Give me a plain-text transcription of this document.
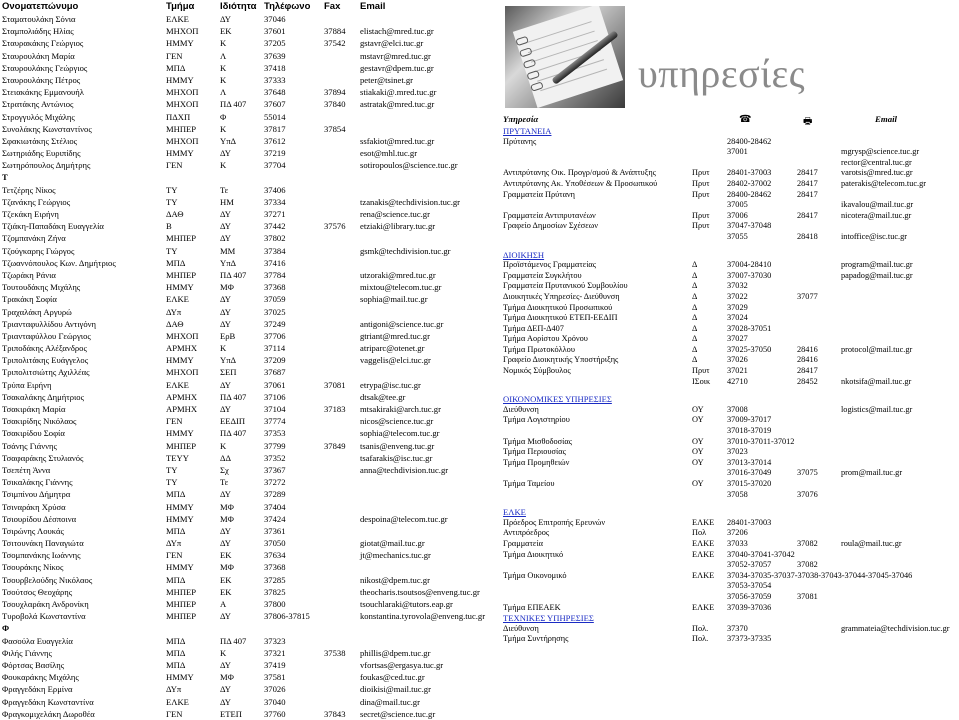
Ονοματεπώνυμο	Τμήμα	Ιδιότητα Τηλέφωνο Fax Email
Σταματουλάκη Σόνια	ΕΛΚΕ	ΔΥ	37046
Σταμπολιάδης Ηλίας	ΜΗΧΟΠ	ΕΚ	37601	37884 elistach@mred.tuc.gr
Σταυρακάκης Γεώργιος	ΗΜΜΥ	Κ	37205	37542 gstavr@elci.tuc.gr
Σταυρουλάκη Μαρία	ΓΕΝ	Λ	37639	mstavr@mred.tuc.gr
Σταυρουλάκης Γεώργιος	ΜΠΔ	Κ	37418	gestavr@dpem.tuc.gr
Σταυρουλάκης Πέτρος	ΗΜΜΥ	Κ	37333	peter@tsinet.gr
Στειακάκης Εμμανουήλ	ΜΗΧΟΠ	Λ	37648	37894 stiakaki@.mred.tuc.gr
Στρατάκης Αντώνιος	ΜΗΧΟΠ	ΠΔ 407 37607	37840 astratak@mred.tuc.gr
Στρογγυλός Μιχάλης	ΠΔΧΠ	Φ	55014
Συνολάκης Κωνσταντίνος	ΜΗΠΕΡ	Κ	37817	37854
Σφακιωτάκης Στέλιος	ΜΗΧΟΠ	ΥπΔ	37612	ssfakiot@mred.tuc.gr
Σωτηριάδης Ευριπίδης	ΗΜΜΥ	ΔΥ	37219	esot@mhl.tuc.gr
Σωτηρόπουλος Δημήτρης	ΓΕΝ	Κ	37704	sotiropoulos@science.tuc.gr
Τ
Τετζέρης Νίκος	ΤΥ	Τε	37406
Τζανάκης Γεώργιος	ΤΥ	ΗΜ	37334	tzanakis@techdivision.tuc.gr
Τζεκάκη Ειρήνη	ΔΑΘ	ΔΥ	37271	rena@science.tuc.gr
Τζιάκη-Παπαδάκη Ευαγγελία	Β	ΔΥ	37442	37576 etziaki@library.tuc.gr
Τζομπανάκη Ζήνα	ΜΗΠΕΡ	ΔΥ	37802
Τζούγκαρης Γιώργος	ΤΥ	ΜΜ	37384	gsmk@techdivision.tuc.gr
Τζωαννόπουλος Κων. Δημήτριος	ΜΠΔ	ΥπΔ	37416
Τζωράκη Ράνια	ΜΗΠΕΡ	ΠΔ 407 37784	utzoraki@mred.tuc.gr
Τουτουδάκης Μιχάλης	ΗΜΜΥ	ΜΦ	37368	mixtou@telecom.tuc.gr
Τρακάκη Σοφία	ΕΛΚΕ	ΔΥ	37059	sophia@mail.tuc.gr
Τραχαλάκη Αργυρώ	ΔΥπ	ΔΥ	37025
Τριανταφυλλίδου Αντιγόνη	ΔΑΘ	ΔΥ	37249	antigoni@science.tuc.gr
Τριανταφύλλου Γεώργιος	ΜΗΧΟΠ	ΕρΒ	37706	gtriant@mred.tuc.gr
Τριποδάκης Αλέξανδρος	ΑΡΜΗΧ	Κ	37114	atriparc@otenet.gr
Τριπολιτάκης Ευάγγελος	ΗΜΜΥ	ΥπΔ	37209	vaggelis@elci.tuc.gr
Τριπολιτσιώτης Αχιλλέας	ΜΗΧΟΠ	ΣΕΠ	37687
Τρύπα Ειρήνη	ΕΛΚΕ	ΔΥ	37061	37081 etrypa@isc.tuc.gr
Τσακαλάκης Δημήτριος	ΑΡΜΗΧ	ΠΔ 407 37106	dtsak@tee.gr
Τσακιράκη Μαρία	ΑΡΜΗΧ	ΔΥ	37104	37183 mtsakiraki@arch.tuc.gr
Τσακιρίδης Νικόλαος	ΓΕΝ	ΕΕΔΙΠ 37774	nicos@science.tuc.gr
Τσακιρίδου Σοφία	ΗΜΜΥ	ΠΔ 407 37353	sophia@telecom.tuc.gr
Τσάνης Γιάννης	ΜΗΠΕΡ	Κ	37799	37849 tsanis@enveng.tuc.gr
Τσαφαράκης Στυλιανός	ΤΕΥΥ	ΔΔ	37352	tsafarakis@isc.tuc.gr
Τσεπέτη Άννα	ΤΥ	Σχ	37367	anna@techdivision.tuc.gr
Τσικαλάκης Γιάννης	ΤΥ	Τε	37272
Τσιμπίνου Δήμητρα	ΜΠΔ	ΔΥ	37289
Τσιναράκη Χρύσα	ΗΜΜΥ	ΜΦ	37404
Τσιουρίδου Δέσποινα	ΗΜΜΥ	ΜΦ	37424	despoina@telecom.tuc.gr
Τσιρώνης Λουκάς	ΜΠΔ	ΔΥ	37361
Τσιτουνάκη Παναγιώτα	ΔΥπ	ΔΥ	37050	giotat@mail.tuc.gr
Τσομπανάκης Ιωάννης	ΓΕΝ	ΕΚ	37634	jt@mechanics.tuc.gr
Τσουράκης Νίκος	ΗΜΜΥ	ΜΦ	37368
Τσουρβελούδης Νικόλαος	ΜΠΔ	ΕΚ	37285	nikost@dpem.tuc.gr
Τσούτσος Θεοχάρης	ΜΗΠΕΡ	ΕΚ	37825	theocharis.tsoutsos@enveng.tuc.gr
Τσουχλαράκη Ανδρονίκη	ΜΗΠΕΡ	Α	37800	tsouchlaraki@tutors.eap.gr
Τυροβολά Κωνσταντίνα	ΜΗΠΕΡ	ΔΥ	37806-37815	konstantina.tyrovola@enveng.tuc.gr
Φ
Φασούλα Ευαγγελία	ΜΠΔ	ΠΔ 407 37323
Φιλής Γιάννης	ΜΠΔ	Κ	37321	37538 phillis@dpem.tuc.gr
Φόρτσας Βασίλης	ΜΠΔ	ΔΥ	37419	vfortsas@ergasya.tuc.gr
Φουκαράκης Μιχάλης	ΗΜΜΥ	ΜΦ	37581	foukas@ced.tuc.gr
Φραγγεδάκη Ερμίνα	ΔΥπ	ΔΥ	37026	dioikisi@mail.tuc.gr
Φραγγεδάκη Κωνσταντίνα	ΕΛΚΕ	ΔΥ	37040	dina@mail.tuc.gr
Φραγκομιχελάκη Δωροθέα	ΓΕΝ	ΕΤΕΠ	37760	37843 secret@science.tuc.gr
υπηρεσίες
Υπηρεσία	☎	🖶	Email
ΠΡΥΤΑΝΕΙΑ
Πρύτανης	28400-28462
37001	mgrysp@science.tuc.gr
rector@central.tuc.gr
Αντιπρύτανης Οικ. Προγρ/σμού & Ανάπτυξης	Πρυτ 28401-37003	28417	varotsis@mred.tuc.gr
Αντιπρύτανης Ακ. Υποθέσεων & Προσωπικού	Πρυτ 28402-37002	28417	paterakis@telecom.tuc.gr
Γραμματεία Πρύτανη	Πρυτ 28400-28462	28417
37005	ikavalou@mail.tuc.gr
Γραμματεία Αντιπρυτανέων	Πρυτ 37006	28417	nicotera@mail.tuc.gr
Γραφείο Δημοσίων Σχέσεων	Πρυτ 37047-37048
37055	28418	intoffice@isc.tuc.gr
ΔΙΟΙΚΗΣΗ
Προϊστάμενος Γραμματείας	Δ	37004-28410	program@mail.tuc.gr
Γραμματεία Συγκλήτου	Δ	37007-37030	papadog@mail.tuc.gr
Γραμματεία Πρυτανικού Συμβουλίου	Δ	37032
Διοικητικές Υπηρεσίες- Διεύθυνση	Δ	37022	37077
Τμήμα Διοικητικού Προσωπικού	Δ	37029
Τμήμα Διοικητικού ΕΤΕΠ-ΕΕΔΙΠ	Δ	37024
Τμήμα ΔΕΠ-Δ407	Δ	37028-37051
Τμήμα Αορίστου Χρόνου	Δ	37027
Τμήμα Πρωτοκόλλου	Δ	37025-37050	28416	protocol@mail.tuc.gr
Γραφείο Διοικητικής Υποστήριξης	Δ	37026	28416
Νομικός Σύμβουλος	Πρυτ 37021	28417
ΙΣοικ 42710	28452	nkotsifa@mail.tuc.gr
ΟΙΚΟΝΟΜΙΚΕΣ ΥΠΗΡΕΣΙΕΣ
Διεύθυνση	ΟΥ	37008	logistics@mail.tuc.gr
Τμήμα Λογιστηρίου	ΟΥ	37009-37017
37018-37019
Τμήμα Μισθοδοσίας	ΟΥ	37010-37011-37012
Τμήμα Περιουσίας	ΟΥ	37023
Τμήμα Προμηθειών	ΟΥ	37013-37014
37016-37049	37075	prom@mail.tuc.gr
Τμήμα Ταμείου	ΟΥ	37015-37020
37058	37076
ΕΛΚΕ
Πρόεδρος Επιτροπής Ερευνών	ΕΛΚΕ 28401-37003
Αντιπρόεδρος	Πολ	37206
Γραμματεία	ΕΛΚΕ 37033	37082	roula@mail.tuc.gr
Τμήμα Διοικητικό	ΕΛΚΕ 37040-37041-37042
37052-37057	37082
Τμήμα Οικονομικό	ΕΛΚΕ 37034-37035-37037-37038-37043-37044-37045-37046
37053-37054
37056-37059	37081
Τμήμα ΕΠΕΑΕΚ	ΕΛΚΕ 37039-37036
ΤΕΧΝΙΚΕΣ ΥΠΗΡΕΣΙΕΣ
Διεύθυνση	Πολ. 37370	grammateia@techdivision.tuc.gr
Τμήμα Συντήρησης	Πολ. 37373-37335
